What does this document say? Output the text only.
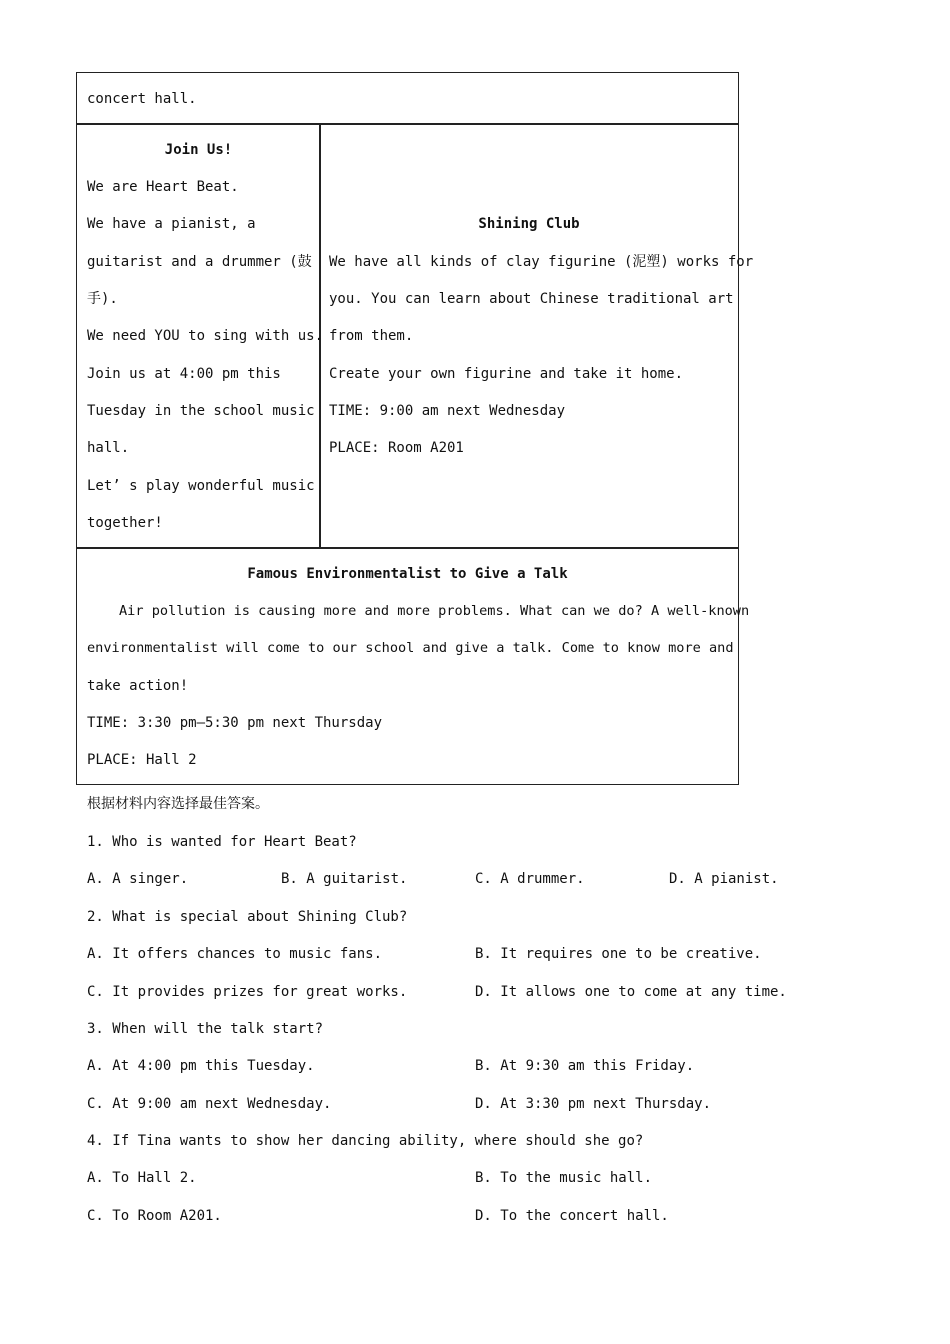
concert hall.
Join Us!
We are Heart Beat.
We have a pianist, a
guitarist and a drummer (鼓
手).
We need YOU to sing with us.
Join us at 4:00 pm this
Tuesday in the school music
hall.
Let’ s play wonderful music
together!
Shining Club
We have all kinds of clay figurine (泥塑) works for
you. You can learn about Chinese traditional art
from them.
Create your own figurine and take it home.
TIME: 9:00 am next Wednesday
PLACE: Room A201
Famous Environmentalist to Give a Talk
Air pollution is causing more and more problems. What can we do? A well-known
environmentalist will come to our school and give a talk. Come to know more and
take action!
TIME: 3:30 pm—5:30 pm next Thursday
PLACE: Hall 2
根据材料内容选择最佳答案。
1. Who is wanted for Heart Beat?
A. A singer.	B. A guitarist.	C. A drummer.	D. A pianist.
2. What is special about Shining Club?
A. It offers chances to music fans.	B. It requires one to be creative.
C. It provides prizes for great works.	D. It allows one to come at any time.
3. When will the talk start?
A. At 4:00 pm this Tuesday.	B. At 9:30 am this Friday.
C. At 9:00 am next Wednesday.	D. At 3:30 pm next Thursday.
4. If Tina wants to show her dancing ability, where should she go?
A. To Hall 2.	B. To the music hall.
C. To Room A201.	D. To the concert hall.
